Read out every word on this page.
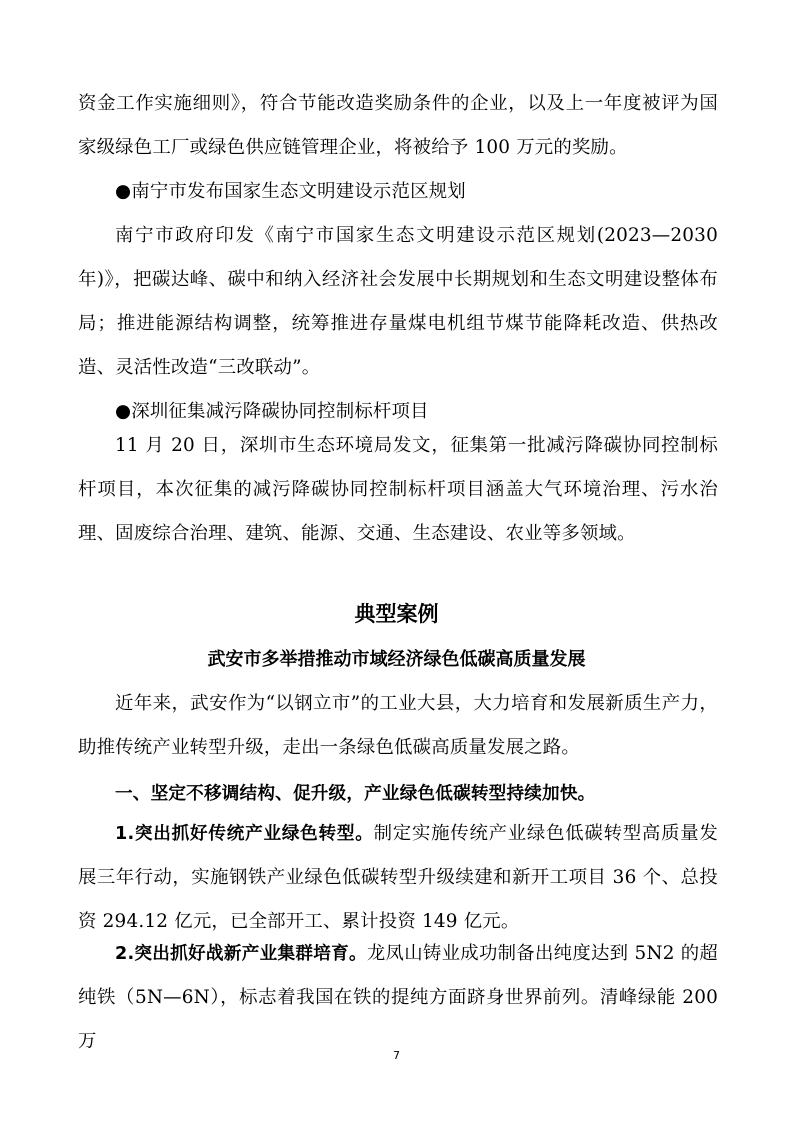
资金工作实施细则》，符合节能改造奖励条件的企业，以及上一年度被评为国家级绿色工厂或绿色供应链管理企业，将被给予 100 万元的奖励。

●南宁市发布国家生态文明建设示范区规划

南宁市政府印发《南宁市国家生态文明建设示范区规划(2023—2030 年)》，把碳达峰、碳中和纳入经济社会发展中长期规划和生态文明建设整体布局；推进能源结构调整，统筹推进存量煤电机组节煤节能降耗改造、供热改造、灵活性改造“三改联动”。

●深圳征集减污降碳协同控制标杆项目

11 月 20 日，深圳市生态环境局发文，征集第一批减污降碳协同控制标杆项目，本次征集的减污降碳协同控制标杆项目涵盖大气环境治理、污水治理、固废综合治理、建筑、能源、交通、生态建设、农业等多领域。

典型案例
武安市多举措推动市域经济绿色低碳高质量发展

近年来，武安作为“以钢立市”的工业大县，大力培育和发展新质生产力，助推传统产业转型升级，走出一条绿色低碳高质量发展之路。

一、坚定不移调结构、促升级，产业绿色低碳转型持续加快。

1.突出抓好传统产业绿色转型。制定实施传统产业绿色低碳转型高质量发展三年行动，实施钢铁产业绿色低碳转型升级续建和新开工项目 36 个、总投资 294.12 亿元，已全部开工、累计投资 149 亿元。

2.突出抓好战新产业集群培育。龙凤山铸业成功制备出纯度达到 5N2 的超纯铁（5N—6N），标志着我国在铁的提纯方面跻身世界前列。清峰绿能 200 万

7
